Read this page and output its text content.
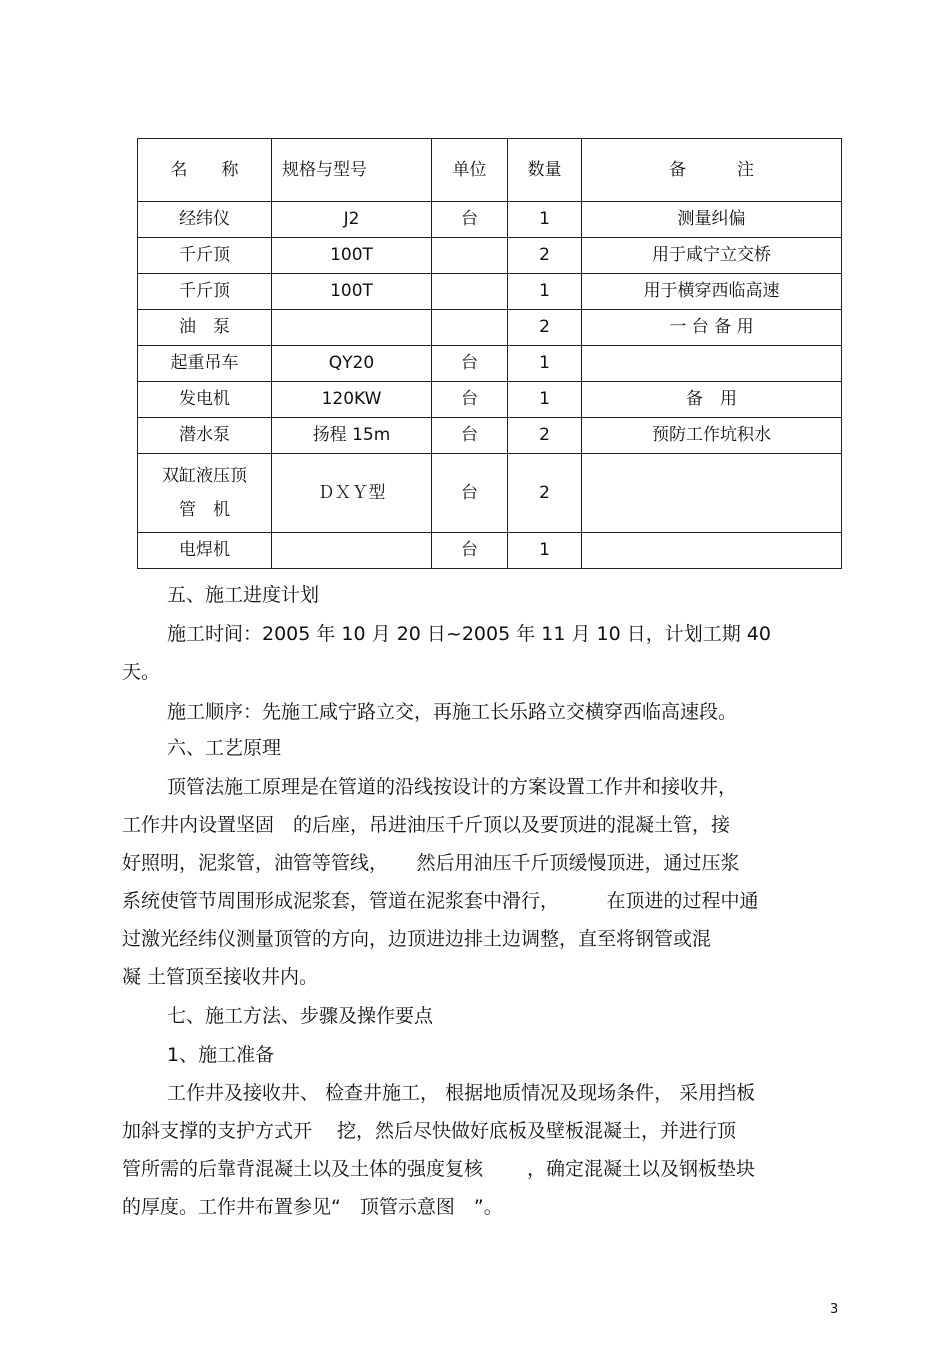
名　　称	规格与型号	单位	数量	备　　　注
经纬仪	J2	台	1	测量纠偏
千斤顶	100T		2	用于咸宁立交桥
千斤顶	100T		1	用于横穿西临高速
油　泵			2	一 台 备 用
起重吊车	QY20	台	1	
发电机	120KW	台	1	备　用
潜水泵	扬程 15m	台	2	预防工作坑积水

双缸液压顶
管　机	ＤＸＹ型	台	2	
电焊机		台	1	
五、施工进度计划
施工时间：2005 年 10 月 20 日~2005 年 11 月 10 日，计划工期 40
天。
施工顺序：先施工咸宁路立交，再施工长乐路立交横穿西临高速段。
六、工艺原理
顶管法施工原理是在管道的沿线按设计的方案设置工作井和接收井，
工作井内设置坚固　的后座，吊进油压千斤顶以及要顶进的混凝土管，接
好照明，泥浆管，油管等管线，　　然后用油压千斤顶缓慢顶进，通过压浆
系统使管节周围形成泥浆套，管道在泥浆套中滑行，　　　在顶进的过程中通
过激光经纬仪测量顶管的方向，边顶进边排土边调整，直至将钢管或混
凝 土管顶至接收井内。
七、施工方法、步骤及操作要点
1、施工准备
工作井及接收井、 检查井施工， 根据地质情况及现场条件， 采用挡板
加斜支撑的支护方式开　 挖，然后尽快做好底板及壁板混凝土，并进行顶
管所需的后靠背混凝土以及土体的强度复核　　 ，确定混凝土以及钢板垫块
的厚度。工作井布置参见“　顶管示意图　”。
3
